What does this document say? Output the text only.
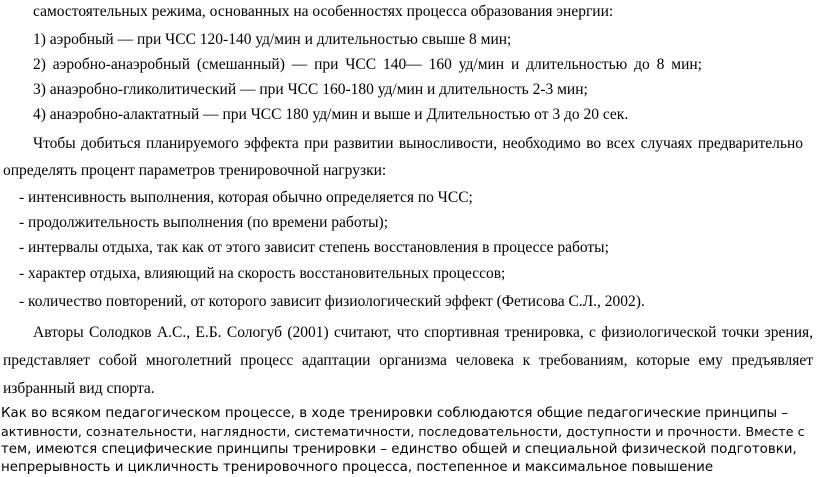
самостоятельных режима, основанных на особенностях процесса образования энергии:
1) аэробный — при ЧСС 120-140 уд/мин и длительностью свыше 8 мин;
2) аэробно-анаэробный (смешанный) — при ЧСС 140— 160 уд/мин и длительностью до 8 мин;
3) анаэробно-гликолитический — при ЧСС 160-180 уд/мин и длительность 2-3 мин;
4) анаэробно-алактатный — при ЧСС 180 уд/мин и выше и Длительностью от 3 до 20 сек.
Чтобы добиться планируемого эффекта при развитии выносливости, необходимо во всех случаях предварительно
определять процент параметров тренировочной нагрузки:
- интенсивность выполнения, которая обычно определяется по ЧСС;
- продолжительность выполнения (по времени работы);
- интервалы отдыха, так как от этого зависит степень восстановления в процессе работы;
- характер отдыха, влияющий на скорость восстановительных процессов;
- количество повторений, от которого зависит физиологический эффект (Фетисова С.Л., 2002).
Авторы Солодков А.С., Е.Б. Сологуб (2001) считают, что спортивная тренировка, с физиологической точки зрения,
представляет собой многолетний процесс адаптации организма человека к требованиям, которые ему предъявляет
избранный вид спорта.
Как во всяком педагогическом процессе, в ходе тренировки соблюдаются общие педагогические принципы –
активности, сознательности, наглядности, систематичности, последовательности, доступности и прочности. Вместе с
тем, имеются специфические принципы тренировки – единство общей и специальной физической подготовки,
непрерывность и цикличность тренировочного процесса, постепенное и максимальное повышение
